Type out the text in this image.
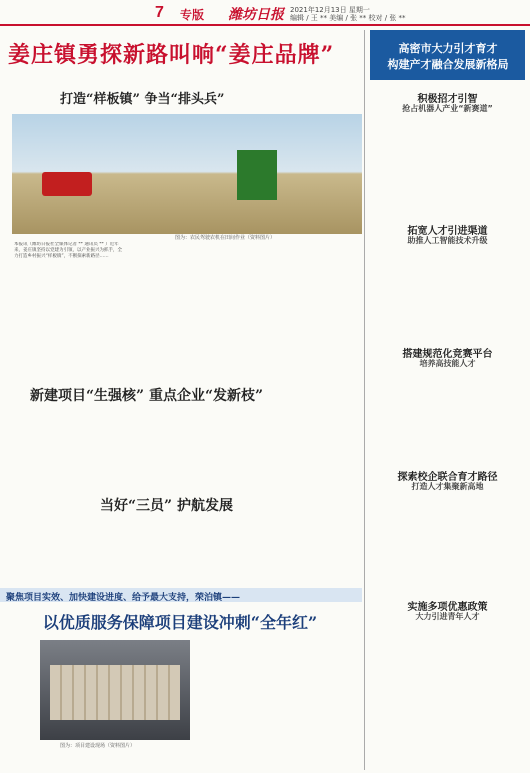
7 专版 潍坊日报 2021年12月13日 星期一
编辑 / 王 ** 美编 / 张 ** 校对 / 张 **
姜庄镇勇探新路叫响“姜庄品牌”
打造“样板镇” 争当“排头兵”
图为：农民驾驶农机在田间作业（资料图片）
本报讯（潍坊日报社全媒体记者 ** 通讯员 ** ）近年来，姜庄镇坚持以党建为引领，以产业振兴为抓手，全力打造乡村振兴“样板镇”，不断探索新路径……
新建项目“生强核” 重点企业“发新枝”
当好“三员” 护航发展
高密市大力引才育才
构建产才融合发展新格局
积极招才引智
抢占机器人产业“新赛道”
拓宽人才引进渠道
助推人工智能技术升级
搭建规范化竞赛平台
培养高技能人才
探索校企联合育才路径
打造人才集聚新高地
实施多项优惠政策
大力引进青年人才
聚焦项目实效、加快建设进度、给予最大支持，荣泊镇——
以优质服务保障项目建设冲刺“全年红”
图为：项目建设现场（资料图片）
